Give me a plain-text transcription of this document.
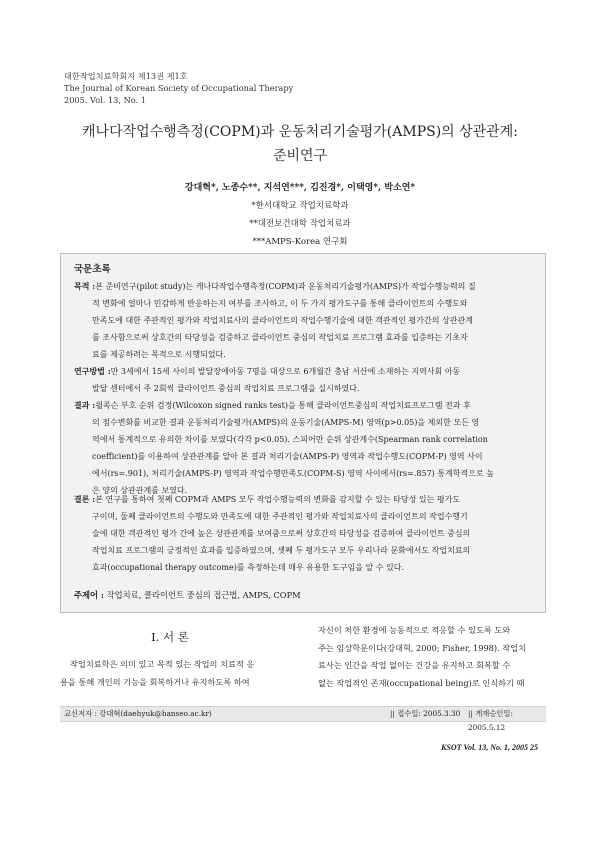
대한작업치료학회지 제13권 제1호
The Journal of Korean Society of Occupational Therapy
2005. Vol. 13, No. 1
캐나다작업수행측정(COPM)과 운동처리기술평가(AMPS)의 상관관계:
준비연구
강대혁*, 노종수**, 지석연***, 김진경*, 이택영*, 박소연*
*한서대학교 작업치료학과
**대전보건대학 작업치료과
***AMPS-Korea 연구회
국문초록
목적 :본 준비연구(pilot study)는 캐나다작업수행측정(COPM)과 운동처리기술평가(AMPS)가 작업수행능력의 질
적 변화에 얼마나 민감하게 반응하는지 여부를 조사하고, 이 두 가지 평가도구를 통해 클라이언트의 수행도와
만족도에 대한 주관적인 평가와 작업치료사의 클라이언트의 작업수행기술에 대한 객관적인 평가간의 상관관계
를 조사함으로써 상호간의 타당성을 검증하고 클라이언트 중심의 작업치료 프로그램 효과를 입증하는 기초자
료를 제공하려는 목적으로 시행되었다.
연구방법 :만 3세에서 15세 사이의 발달장애아동 7명을 대상으로 6개월간 충남 서산에 소재하는 지역사회 아동
발달 센터에서 주 2회씩 클라이언트 중심의 작업치료 프로그램을 실시하였다.
결과 :윌콕슨 부호 순위 검정(Wilcoxon signed ranks test)을 통해 클라이언트중심의 작업치료프로그램 전과 후
의 점수변화를 비교한 결과 운동처리기술평가(AMPS)의 운동기술(AMPS-M) 영역(p>0.05)을 제외한 모든 영
역에서 통계적으로 유의한 차이를 보였다(각각 p<0.05). 스피어만 순위 상관계수(Spearman rank correlation
coefficient)를 이용하여 상관관계를 알아 본 결과 처리기술(AMPS-P) 영역과 작업수행도(COPM-P) 영역 사이
에서(rs=.901), 처리기술(AMPS-P) 영역과 작업수행만족도(COPM-S) 영역 사이에서(rs=.857) 통계학적으로 높
은 양의 상관관계를 보였다.
결론 :본 연구를 통하여 첫째 COPM과 AMPS 모두 작업수행능력의 변화를 감지할 수 있는 타당성 있는 평가도
구이며, 둘째 클라이언트의 수행도와 만족도에 대한 주관적인 평가와 작업치료사의 클라이언트의 작업수행기
술에 대한 객관적인 평가 간에 높은 상관관계를 보여줌으로써 상호간의 타당성을 검증하여 클라이언트 중심의
작업치료 프로그램의 긍정적인 효과를 입증하였으며, 셋째 두 평가도구 모두 우리나라 문화에서도 작업치료의
효과(occupational therapy outcome)를 측정하는데 매우 유용한 도구임을 알 수 있다.
주제어 : 작업치료, 클라이언트 중심의 접근법, AMPS, COPM
Ⅰ. 서 론
작업치료학은 의미 있고 목적 있는 작업의 치료적 응
용을 통해 개인의 기능을 회복하거나 유지하도록 하여
자신이 처한 환경에 능동적으로 적응할 수 있도록 도와
주는 임상학문이다(강대혁, 2000; Fisher, 1998). 작업치
료사는 인간을 작업 없이는 건강을 유지하고 회복할 수
없는 작업적인 존재(occupational being)로 인식하기 때
교신저자 : 강대혁(daehyuk@hanseo.ac.kr)	|| 접수일: 2005.3.30 || 게재승인일: 2005.5.12
KSOT Vol. 13, No. 1, 2005 25
